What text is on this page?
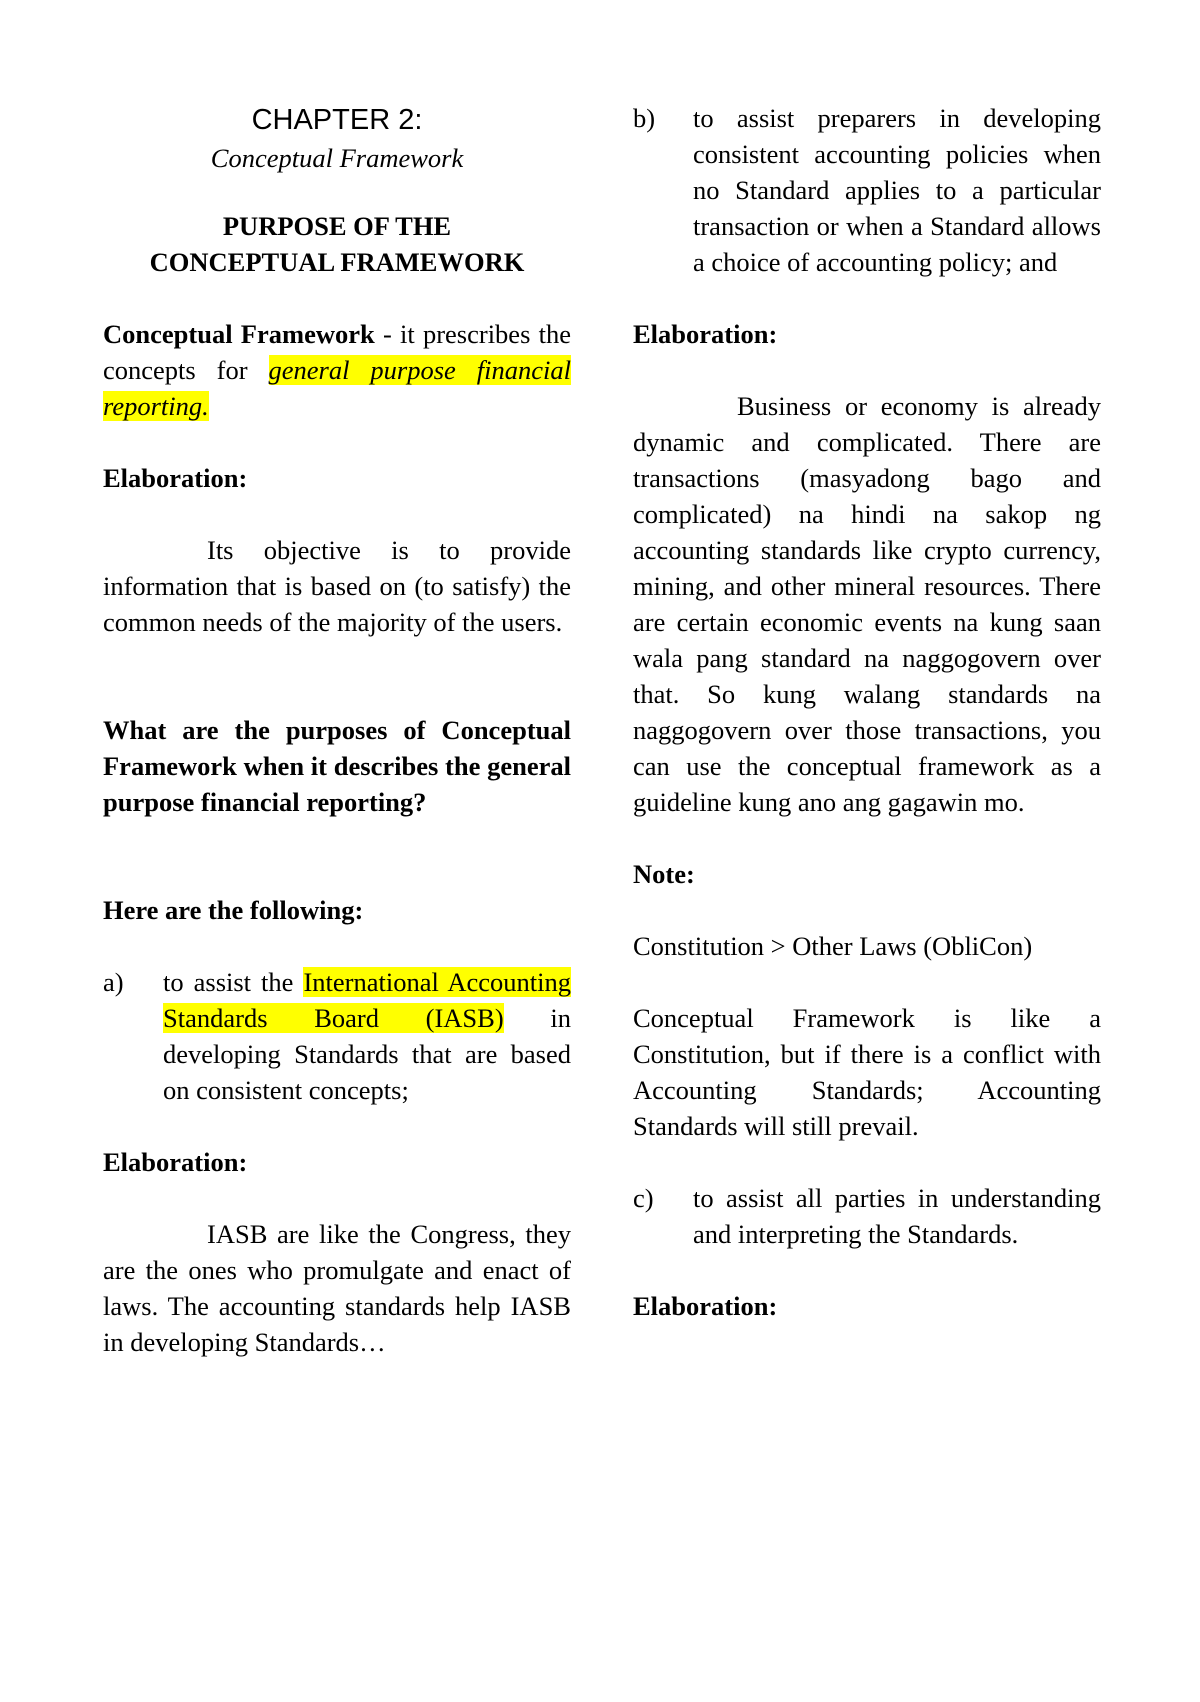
CHAPTER 2:
Conceptual Framework
PURPOSE OF THE
CONCEPTUAL FRAMEWORK

Conceptual Framework - it prescribes the concepts for general purpose financial reporting.

Elaboration:

Its objective is to provide information that is based on (to satisfy) the common needs of the majority of the users.

What are the purposes of Conceptual Framework when it describes the general purpose financial reporting?

Here are the following:

a)	to assist the International Accounting Standards Board (IASB) in developing Standards that are based on consistent concepts;

Elaboration:

IASB are like the Congress, they are the ones who promulgate and enact of laws. The accounting standards help IASB in developing Standards…

b)	to assist preparers in developing consistent accounting policies when no Standard applies to a particular transaction or when a Standard allows a choice of accounting policy; and

Elaboration:

Business or economy is already dynamic and complicated. There are transactions (masyadong bago and complicated) na hindi na sakop ng accounting standards like crypto currency, mining, and other mineral resources. There are certain economic events na kung saan wala pang standard na naggogovern over that. So kung walang standards na naggogovern over those transactions, you can use the conceptual framework as a guideline kung ano ang gagawin mo.

Note:

Constitution > Other Laws (ObliCon)

Conceptual Framework is like a Constitution, but if there is a conflict with Accounting Standards; Accounting Standards will still prevail.

c)	to assist all parties in understanding and interpreting the Standards.

Elaboration:
